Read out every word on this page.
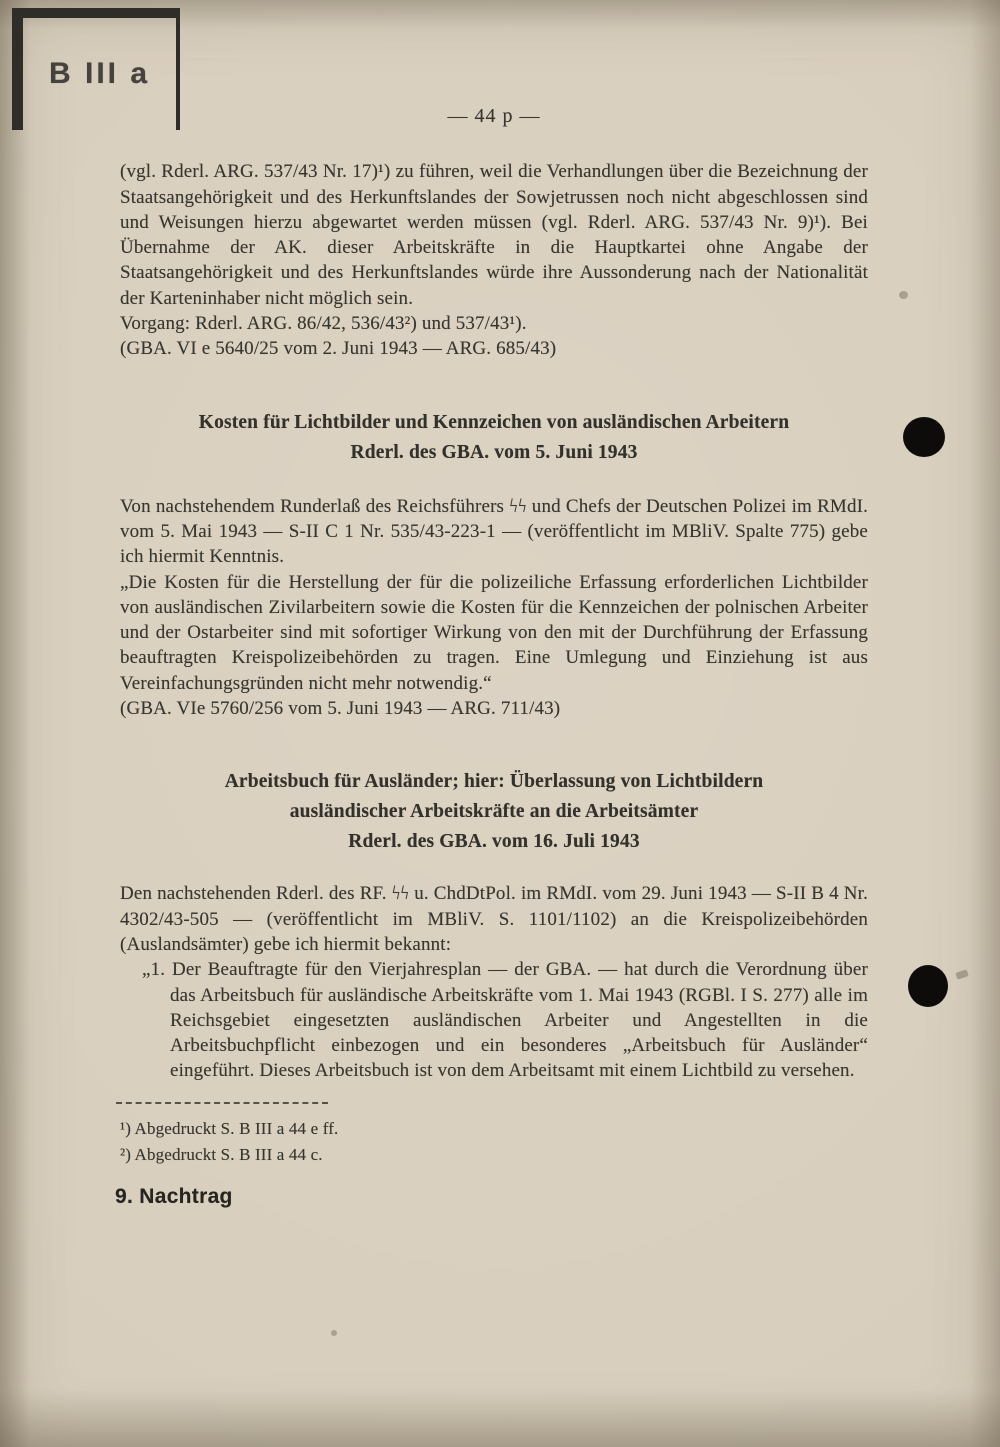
B III a
— 44 p —

(vgl. Rderl. ARG. 537/43 Nr. 17)¹) zu führen, weil die Verhandlungen über die Bezeichnung der Staatsangehörigkeit und des Herkunftslandes der Sowjetrussen noch nicht abgeschlossen sind und Weisungen hierzu abgewartet werden müssen (vgl. Rderl. ARG. 537/43 Nr. 9)¹). Bei Übernahme der AK. dieser Arbeitskräfte in die Hauptkartei ohne Angabe der Staatsangehörigkeit und des Herkunftslandes würde ihre Aussonderung nach der Nationalität der Karteninhaber nicht möglich sein.

Vorgang: Rderl. ARG. 86/42, 536/43²) und 537/43¹).

(GBA. VI e 5640/25 vom 2. Juni 1943 — ARG. 685/43)

Kosten für Lichtbilder und Kennzeichen von ausländischen Arbeitern
Rderl. des GBA. vom 5. Juni 1943

Von nachstehendem Runderlaß des Reichsführers ϟϟ und Chefs der Deutschen Polizei im RMdI. vom 5. Mai 1943 — S-II C 1 Nr. 535/43-223-1 — (veröffentlicht im MBliV. Spalte 775) gebe ich hiermit Kenntnis.

„Die Kosten für die Herstellung der für die polizeiliche Erfassung erforderlichen Lichtbilder von ausländischen Zivilarbeitern sowie die Kosten für die Kennzeichen der polnischen Arbeiter und der Ostarbeiter sind mit sofortiger Wirkung von den mit der Durchführung der Erfassung beauftragten Kreispolizeibehörden zu tragen. Eine Umlegung und Einziehung ist aus Vereinfachungsgründen nicht mehr notwendig.“

(GBA. VIe 5760/256 vom 5. Juni 1943 — ARG. 711/43)

Arbeitsbuch für Ausländer; hier: Überlassung von Lichtbildern
ausländischer Arbeitskräfte an die Arbeitsämter
Rderl. des GBA. vom 16. Juli 1943

Den nachstehenden Rderl. des RF. ϟϟ u. ChdDtPol. im RMdI. vom 29. Juni 1943 — S-II B 4 Nr. 4302/43-505 — (veröffentlicht im MBliV. S. 1101/1102) an die Kreispolizeibehörden (Auslandsämter) gebe ich hiermit bekannt:

„1. Der Beauftragte für den Vierjahresplan — der GBA. — hat durch die Verordnung über das Arbeitsbuch für ausländische Arbeitskräfte vom 1. Mai 1943 (RGBl. I S. 277) alle im Reichsgebiet eingesetzten ausländischen Arbeiter und Angestellten in die Arbeitsbuchpflicht einbezogen und ein besonderes „Arbeitsbuch für Ausländer“ eingeführt. Dieses Arbeitsbuch ist von dem Arbeitsamt mit einem Lichtbild zu versehen.

¹) Abgedruckt S. B III a 44 e ff.

²) Abgedruckt S. B III a 44 c.

9. Nachtrag
